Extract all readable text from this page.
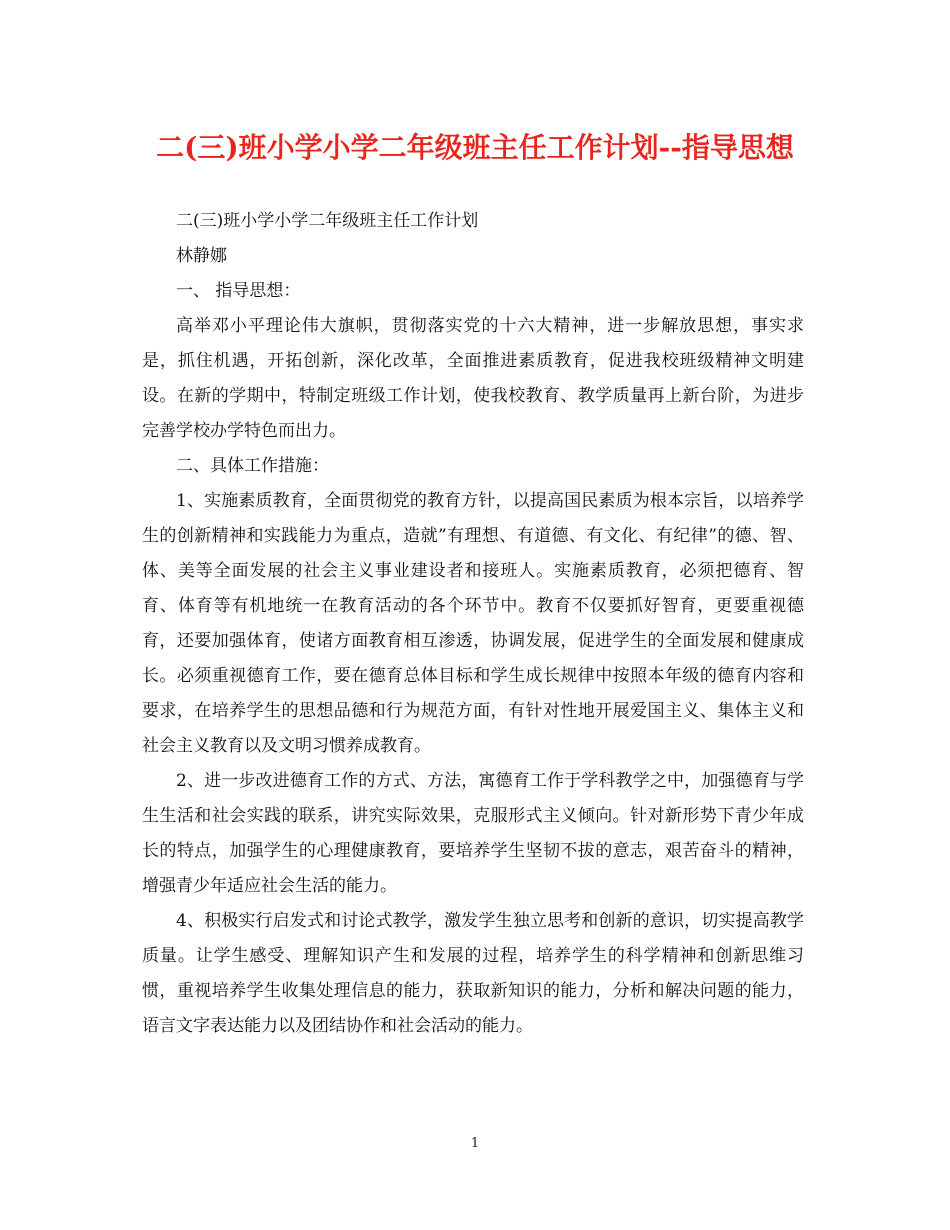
二(三)班小学小学二年级班主任工作计划--指导思想

二(三)班小学小学二年级班主任工作计划

林静娜

一、 指导思想：

高举邓小平理论伟大旗帜，贯彻落实党的十六大精神，进一步解放思想，事实求是，抓住机遇，开拓创新，深化改革，全面推进素质教育，促进我校班级精神文明建设。在新的学期中，特制定班级工作计划，使我校教育、教学质量再上新台阶，为进步完善学校办学特色而出力。

二、具体工作措施：

1、实施素质教育，全面贯彻党的教育方针，以提高国民素质为根本宗旨，以培养学生的创新精神和实践能力为重点，造就”有理想、有道德、有文化、有纪律”的德、智、体、美等全面发展的社会主义事业建设者和接班人。实施素质教育，必须把德育、智育、体育等有机地统一在教育活动的各个环节中。教育不仅要抓好智育，更要重视德育，还要加强体育，使诸方面教育相互渗透，协调发展，促进学生的全面发展和健康成长。必须重视德育工作，要在德育总体目标和学生成长规律中按照本年级的德育内容和要求，在培养学生的思想品德和行为规范方面，有针对性地开展爱国主义、集体主义和社会主义教育以及文明习惯养成教育。

2、进一步改进德育工作的方式、方法，寓德育工作于学科教学之中，加强德育与学生生活和社会实践的联系，讲究实际效果，克服形式主义倾向。针对新形势下青少年成长的特点，加强学生的心理健康教育，要培养学生坚韧不拔的意志，艰苦奋斗的精神，增强青少年适应社会生活的能力。

4、积极实行启发式和讨论式教学，激发学生独立思考和创新的意识，切实提高教学质量。让学生感受、理解知识产生和发展的过程，培养学生的科学精神和创新思维习惯，重视培养学生收集处理信息的能力，获取新知识的能力，分析和解决问题的能力，语言文字表达能力以及团结协作和社会活动的能力。

1
